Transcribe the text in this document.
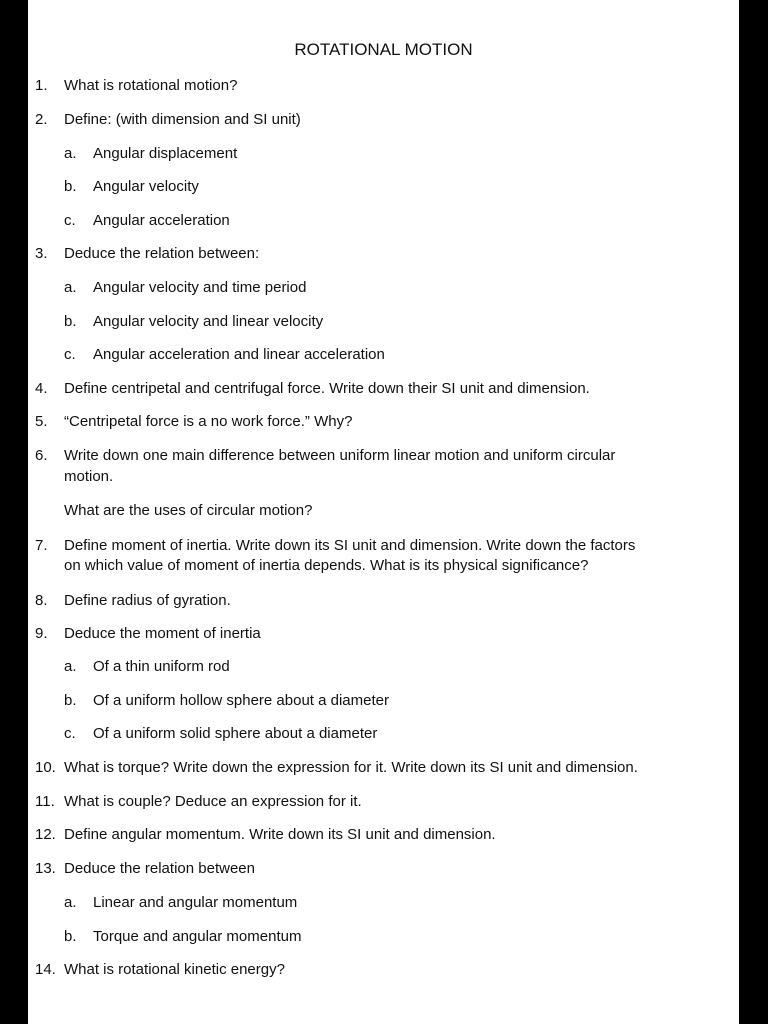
ROTATIONAL MOTION
1. What is rotational motion?
2. Define: (with dimension and SI unit)
a. Angular displacement
b. Angular velocity
c. Angular acceleration
3. Deduce the relation between:
a. Angular velocity and time period
b. Angular velocity and linear velocity
c. Angular acceleration and linear acceleration
4. Define centripetal and centrifugal force. Write down their SI unit and dimension.
5. “Centripetal force is a no work force.” Why?
6. Write down one main difference between uniform linear motion and uniform circular
motion.
What are the uses of circular motion?
7. Define moment of inertia. Write down its SI unit and dimension. Write down the factors
on which value of moment of inertia depends. What is its physical significance?
8. Define radius of gyration.
9. Deduce the moment of inertia
a. Of a thin uniform rod
b. Of a uniform hollow sphere about a diameter
c. Of a uniform solid sphere about a diameter
10. What is torque? Write down the expression for it. Write down its SI unit and dimension.
11. What is couple? Deduce an expression for it.
12. Define angular momentum. Write down its SI unit and dimension.
13. Deduce the relation between
a. Linear and angular momentum
b. Torque and angular momentum
14. What is rotational kinetic energy?
